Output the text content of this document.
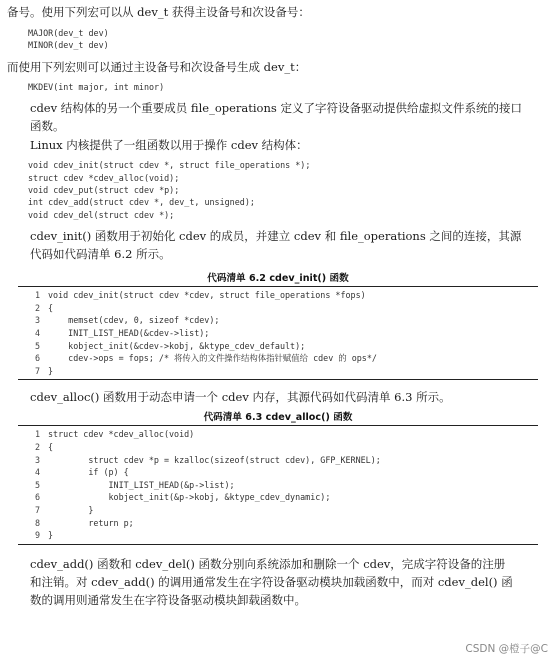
备号。使用下列宏可以从 dev_t 获得主设备号和次设备号：

MAJOR(dev_t dev)
MINOR(dev_t dev)

而使用下列宏则可以通过主设备号和次设备号生成 dev_t：

MKDEV(int major, int minor)

cdev 结构体的另一个重要成员 file_operations 定义了字符设备驱动提供给虚拟文件系统的接口函数。

Linux 内核提供了一组函数以用于操作 cdev 结构体：

void cdev_init(struct cdev *, struct file_operations *);
struct cdev *cdev_alloc(void);
void cdev_put(struct cdev *p);
int cdev_add(struct cdev *, dev_t, unsigned);
void cdev_del(struct cdev *);

cdev_init() 函数用于初始化 cdev 的成员，并建立 cdev 和 file_operations 之间的连接，其源代码如代码清单 6.2 所示。

代码清单 6.2 cdev_init() 函数
1 void cdev_init(struct cdev *cdev, struct file_operations *fops)
2 {
3 memset(cdev, 0, sizeof *cdev);
4 INIT_LIST_HEAD(&cdev->list);
5 kobject_init(&cdev->kobj, &ktype_cdev_default);
6 cdev->ops = fops; /* 将传入的文件操作结构体指针赋值给 cdev 的 ops*/
7 }

cdev_alloc() 函数用于动态申请一个 cdev 内存，其源代码如代码清单 6.3 所示。

代码清单 6.3 cdev_alloc() 函数
1 struct cdev *cdev_alloc(void)
2 {
3 struct cdev *p = kzalloc(sizeof(struct cdev), GFP_KERNEL);
4 if (p) {
5 INIT_LIST_HEAD(&p->list);
6 kobject_init(&p->kobj, &ktype_cdev_dynamic);
7 }
8 return p;
9 }

cdev_add() 函数和 cdev_del() 函数分别向系统添加和删除一个 cdev，完成字符设备的注册和注销。对 cdev_add() 的调用通常发生在字符设备驱动模块加载函数中，而对 cdev_del() 函数的调用则通常发生在字符设备驱动模块卸载函数中。

CSDN @橙子@C
